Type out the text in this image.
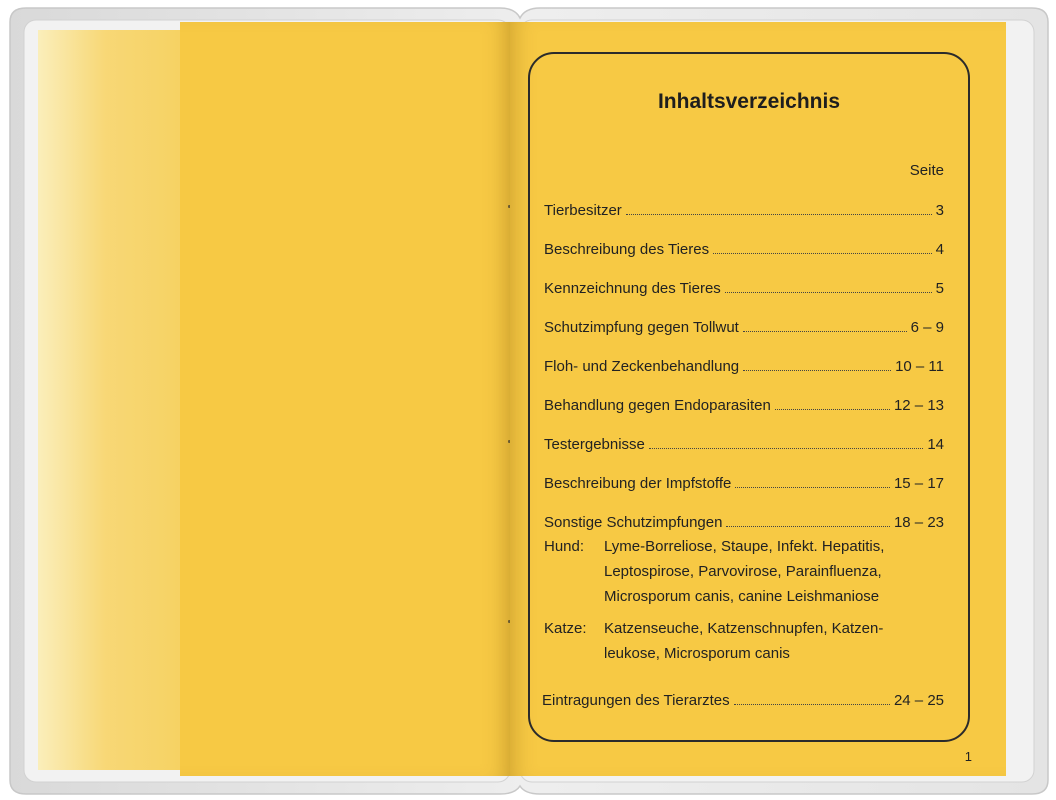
Inhaltsverzeichnis
Seite
Tierbesitzer	3
Beschreibung des Tieres	4
Kennzeichnung des Tieres	5
Schutzimpfung gegen Tollwut	6 – 9
Floh- und Zeckenbehandlung	10 – 11
Behandlung gegen Endoparasiten	12 – 13
Testergebnisse	14
Beschreibung der Impfstoffe	15 – 17
Sonstige Schutzimpfungen	18 – 23
Hund:	Lyme-Borreliose, Staupe, Infekt. Hepatitis,
Leptospirose, Parvovirose, Parainfluenza,
Microsporum canis, canine Leishmaniose
Katze:	Katzenseuche, Katzenschnupfen, Katzen-
leukose, Microsporum canis
Eintragungen des Tierarztes	24 – 25
1
